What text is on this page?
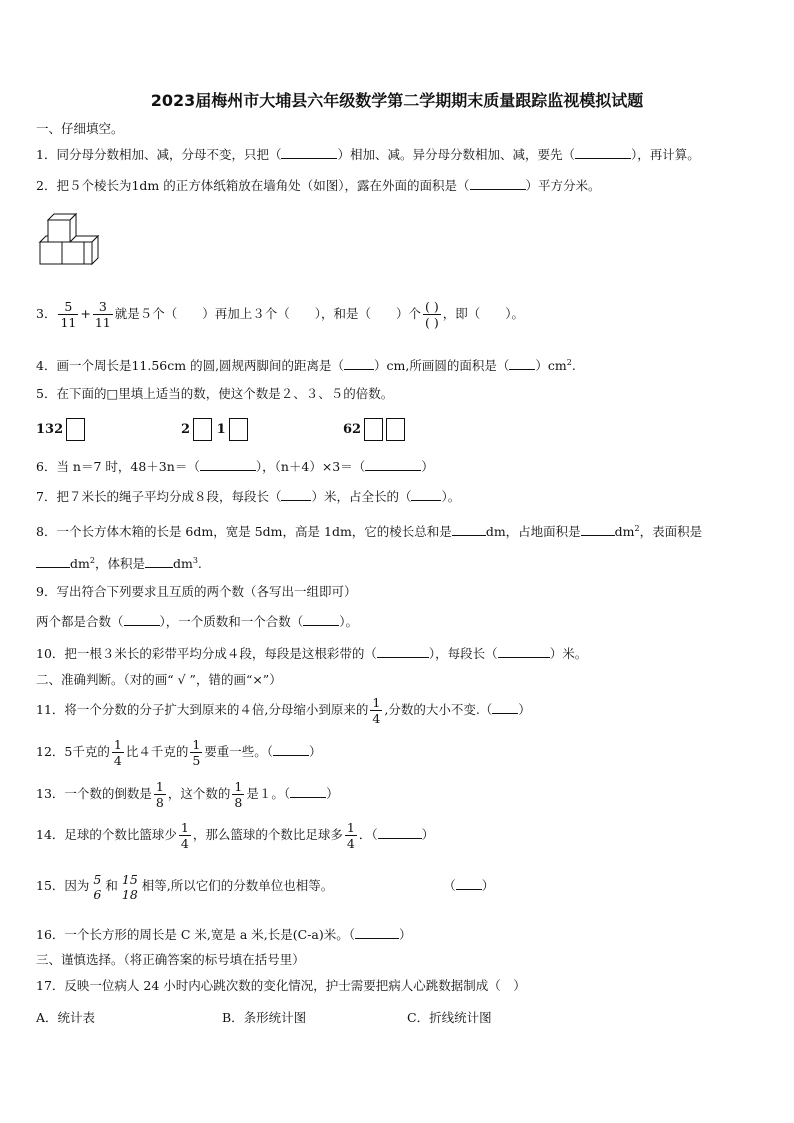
2023届梅州市大埔县六年级数学第二学期期末质量跟踪监视模拟试题
一、仔细填空。
1．同分母分数相加、减，分母不变，只把（	）相加、减。异分母分数相加、减，要先（	），再计算。
2．把５个棱长为1dm 的正方体纸箱放在墙角处（如图），露在外面的面积是（	）平方分米。
3． $\frac{5}{11} + \frac{3}{11}$ 就是５个（　　）再加上３个（　　），和是（　　）个 $\frac{( )}{( )}$ ，即（　　）。
4．画一个周长是11.56cm 的圆,圆规两脚间的距离是（ ）cm,所画圆的面积是（ ）$cm^2$.
5．在下面的□里填上适当的数，使这个数是２、３、５的倍数。
132	2 1	62
6．当 n＝7 时，48＋3n＝（	），（n＋4）×3＝（	）
7．把７米长的绳子平均分成８段，每段长（ ）米，占全长的（ ）。
8．一个长方体木箱的长是 6dm，宽是 5dm，高是 1dm，它的棱长总和是	dm，占地面积是	$dm^2$，表面积是
$dm^2$，体积是 $dm^3$.
9．写出符合下列要求且互质的两个数（各写出一组即可）
两个都是合数（	），一个质数和一个合数（	）。
10．把一根３米长的彩带平均分成４段，每段是这根彩带的（	），每段长（	）米。
二、准确判断。（对的画“ √ ”，错的画“×”）
11．将一个分数的分子扩大到原来的４倍,分母缩小到原来的 $\frac{1}{4}$ ,分数的大小不变.（ ）
12．5千克的 $\frac{1}{4}$ 比４千克的 $\frac{1}{5}$ 要重一些。（	）
13．一个数的倒数是 $\frac{1}{8}$ ，这个数的 $\frac{1}{8}$ 是１。（	）
14．足球的个数比篮球少 $\frac{1}{4}$ ，那么篮球的个数比足球多 $\frac{1}{4}$ ．（	）
15．因为 5
6
和 15
18
相等,所以它们的分数单位也相等。	（ ）
16．一个长方形的周长是 C 米,宽是 a 米,长是(C-a)米。（	）
三、谨慎选择。（将正确答案的标号填在括号里）
17．反映一位病人 24 小时内心跳次数的变化情况，护士需要把病人心跳数据制成（　）
A．统计表	B．条形统计图	C．折线统计图
